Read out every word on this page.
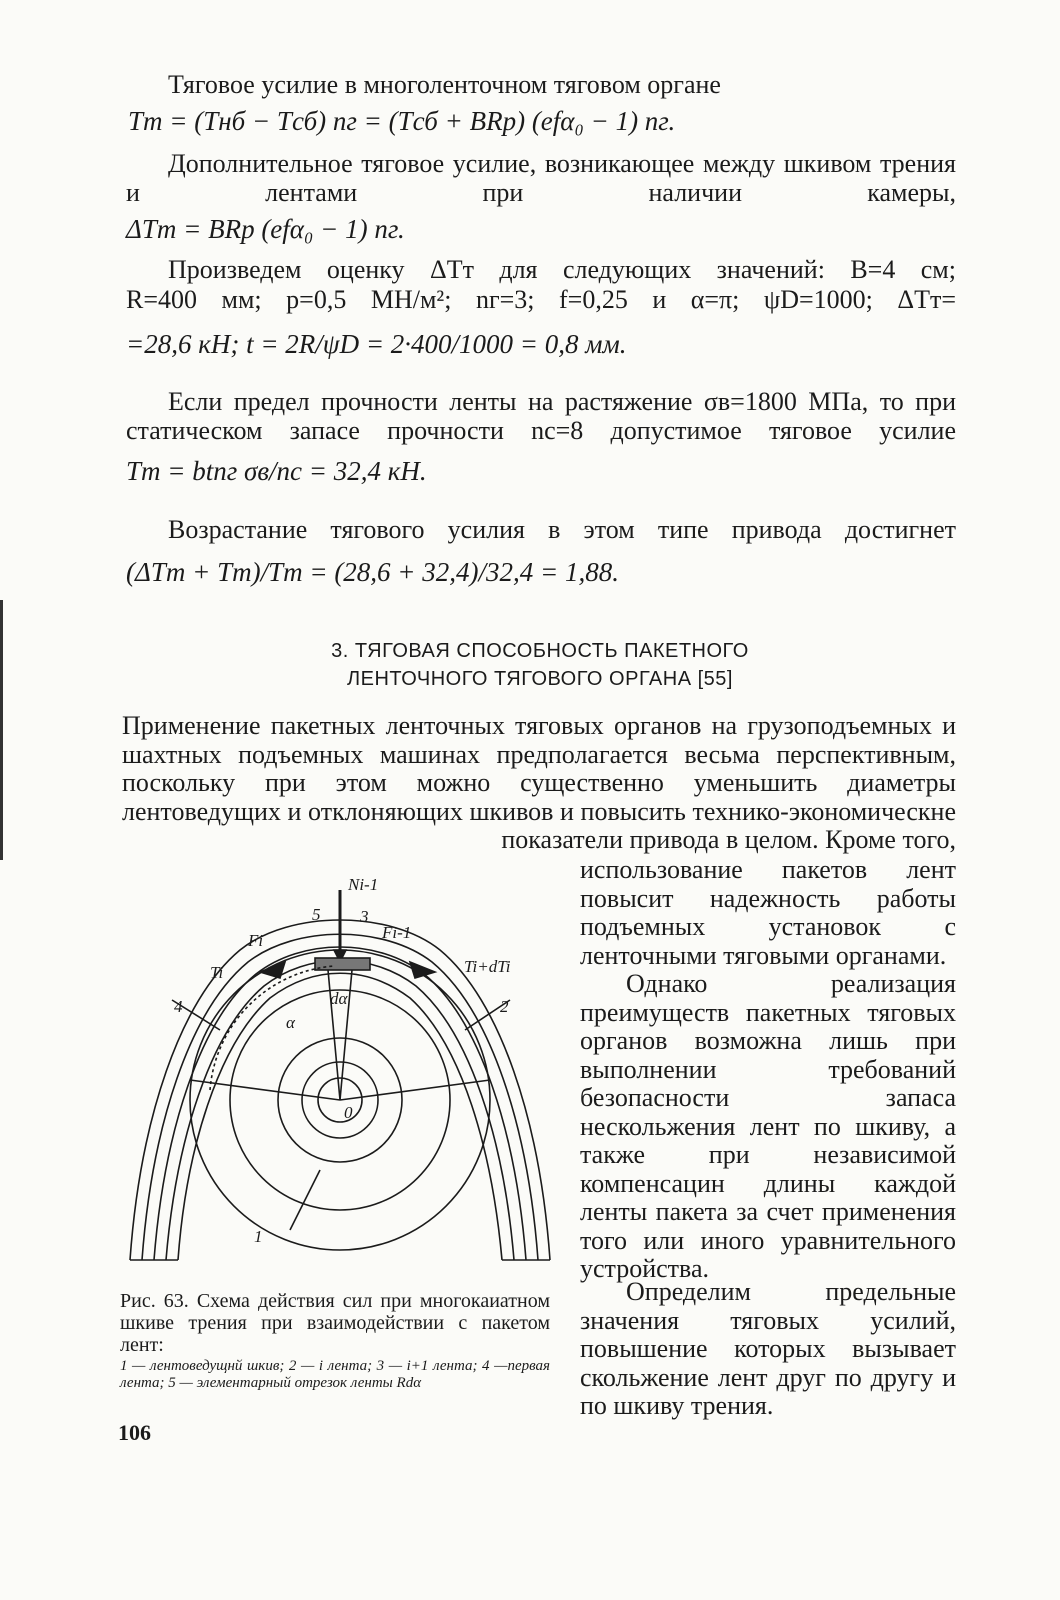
Тяговое усилие в многоленточном тяговом органе
Tт = (Tнб − Tсб) nг = (Tсб + BRp) (efα₀ − 1) nг.
Дополнительное тяговое усилие, возникающее между шкивом трения и лентами при наличии камеры,
ΔTт = BRp (efα₀ − 1) nг.
Произведем оценку ΔTт для следующих значений: B=4 см;
R=400 мм; p=0,5 МН/м²; nг=3; f=0,25 и α=π; ψD=1000; ΔTт=
=28,6 кН; t = 2R/ψD = 2·400/1000 = 0,8 мм.
Если предел прочности ленты на растяжение σв=1800 МПа, то при статическом запасе прочности nс=8 допустимое тяговое усилие
Tт = btnг σв/nс = 32,4 кН.
Возрастание тягового усилия в этом типе привода достигнет
(ΔTт + Tт)/Tт = (28,6 + 32,4)/32,4 = 1,88.
3. ТЯГОВАЯ СПОСОБНОСТЬ ПАКЕТНОГО
ЛЕНТОЧНОГО ТЯГОВОГО ОРГАНА [55]
Применение пакетных ленточных тяговых органов на грузоподъемных и шахтных подъемных машинах предполагается весьма перспективным, поскольку при этом можно существенно уменьшить диаметры лентоведущих и отклоняющих шкивов и повысить технико-экономическне показатели привода в целом. Кроме того,
использование пакетов лент повысит надежность работы подъемных установок с ленточными тяговыми органами.
Однако реализация преимуществ пакетных тяговых органов возможна лишь при выполнении требований безопасности запаса нескольжения лент по шкиву, а также при независимой компенсацин длины каждой ленты пакета за счет применения того или иного уравнительного устройства.
Определим предельные значения тяговых усилий, повышение которых вызывает скольжение лент друг по другу и по шкиву трения.
Ni-1
5 3
Fi-1
Fi
Ti	Ti+dTi
4	2
dα
α
0
1
Рис. 63. Схема действия сил при многокаиатном шкиве трения при взаимодействии с пакетом лент:
1 — лентоведущнй шкив; 2 — i лента; 3 — i+1 лента; 4 —первая лента; 5 — элементарный отрезок ленты Rdα
106
